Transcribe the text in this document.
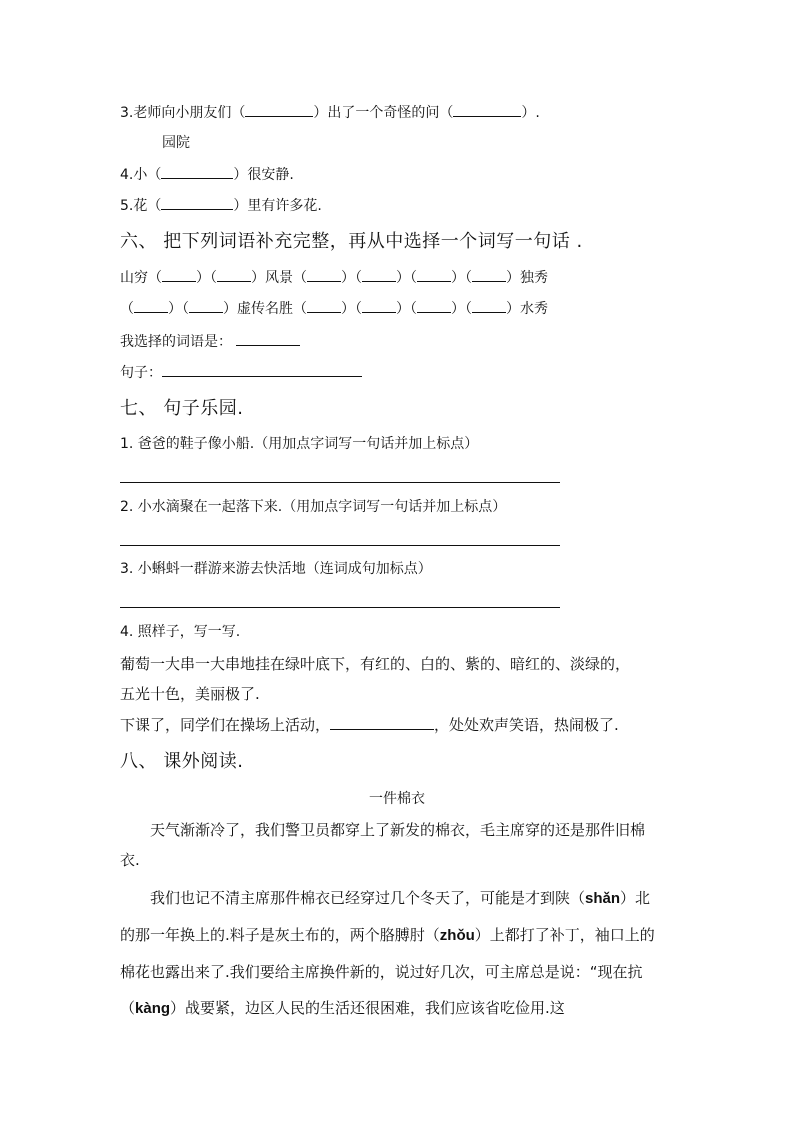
3.老师向小朋友们（	）出了一个奇怪的问（	）.
园院
4.小（	）很安静.
5.花（	）里有许多花.
六、 把下列词语补充完整，再从中选择一个词写一句话 .
山穷（ ）（ ）风景（ ）（ ）（ ）（ ）独秀
（ ）（ ）虚传名胜（ ）（ ）（ ）（ ）水秀
我选择的词语是：
句子：
七、 句子乐园.
1. 爸爸的鞋子像小船.（用加点字词写一句话并加上标点）
2. 小水滴聚在一起落下来.（用加点字词写一句话并加上标点）
3. 小蝌蚪一群游来游去快活地（连词成句加标点）
4. 照样子，写一写.
葡萄一大串一大串地挂在绿叶底下，有红的、白的、紫的、暗红的、淡绿的，
五光十色，美丽极了.
下课了，同学们在操场上活动，	，处处欢声笑语，热闹极了.
八、 课外阅读.
一件棉衣
天气渐渐冷了，我们警卫员都穿上了新发的棉衣，毛主席穿的还是那件旧棉衣.
我们也记不清主席那件棉衣已经穿过几个冬天了，可能是才到陕（shǎn）北的那一年换上的.料子是灰土布的，两个胳膊肘（zhǒu）上都打了补丁，袖口上的棉花也露出来了.我们要给主席换件新的，说过好几次，可主席总是说：“现在抗（kàng）战要紧，边区人民的生活还很困难，我们应该省吃俭用.这
